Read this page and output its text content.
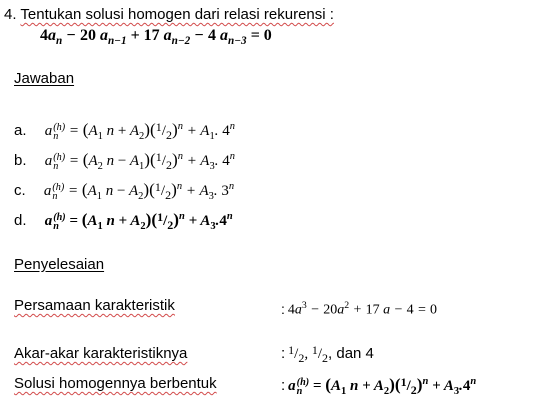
4. Tentukan solusi homogen dari relasi rekurensi :
$4a_n - 20$ $a_{n-1} + 17$ $a_{n-2} - 4$ $a_{n-3} = 0$
Jawaban
a. a (h)
$n = (A_1$ $n + A_2)(^1/_2)^n + A_1$. 4$^n$
b. a (h)
$n = (A_2$ $n - A_1)(^1/_2)^n + A_3$. 4$^n$
c. a (h)
$n = (A_1$ $n - A_2)(^1/_2)^n + A_3$. 3$^n$
d. a (h)
$n = (A_1$ $n + A_2)(^1/_2)^n + A_3.4^n$
Penyelesaian
Persamaan karakteristik	: $4a^3 - 20a^2 + 17$ a − 4 = 0
Akar-akar karakteristiknya	: $^1/_2$, $^1/_2$, dan 4
Solusi homogennya berbentuk	: a (h)
$n = (A_1$ $n + A_2)(^1/_2)^n + A_3.4^n$
